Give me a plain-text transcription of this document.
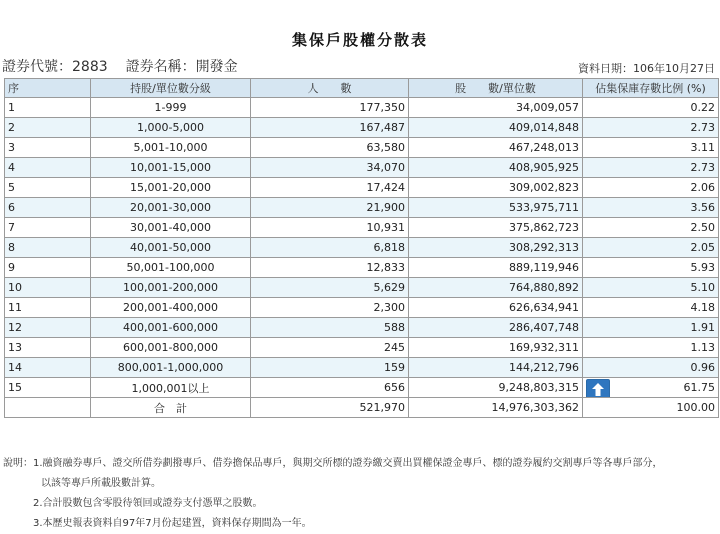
集保戶股權分散表
證券代號：2883 證券名稱：開發金	資料日期：106年10月27日
序	持股/單位數分級	人　　數	股　　數/單位數	佔集保庫存數比例 (%)
1	1-999	177,350	34,009,057	0.22
2	1,000-5,000	167,487	409,014,848	2.73
3	5,001-10,000	63,580	467,248,013	3.11
4	10,001-15,000	34,070	408,905,925	2.73
5	15,001-20,000	17,424	309,002,823	2.06
6	20,001-30,000	21,900	533,975,711	3.56
7	30,001-40,000	10,931	375,862,723	2.50
8	40,001-50,000	6,818	308,292,313	2.05
9	50,001-100,000	12,833	889,119,946	5.93
10	100,001-200,000	5,629	764,880,892	5.10
11	200,001-400,000	2,300	626,634,941	4.18
12	400,001-600,000	588	286,407,748	1.91
13	600,001-800,000	245	169,932,311	1.13
14	800,001-1,000,000	159	144,212,796	0.96
15	1,000,001以上	656	9,248,803,315	61.75

	合　計	521,970	14,976,303,362	100.00
說明：1.融資融券專戶、證交所借券劃撥專戶、借券擔保品專戶，與期交所標的證券繳交賣出買權保證金專戶、標的證券履約交割專戶等各專戶部分，
以該等專戶所載股數計算。
2.合計股數包含零股待領回或證券支付憑單之股數。
3.本歷史報表資料自97年7月份起建置，資料保存期間為一年。
